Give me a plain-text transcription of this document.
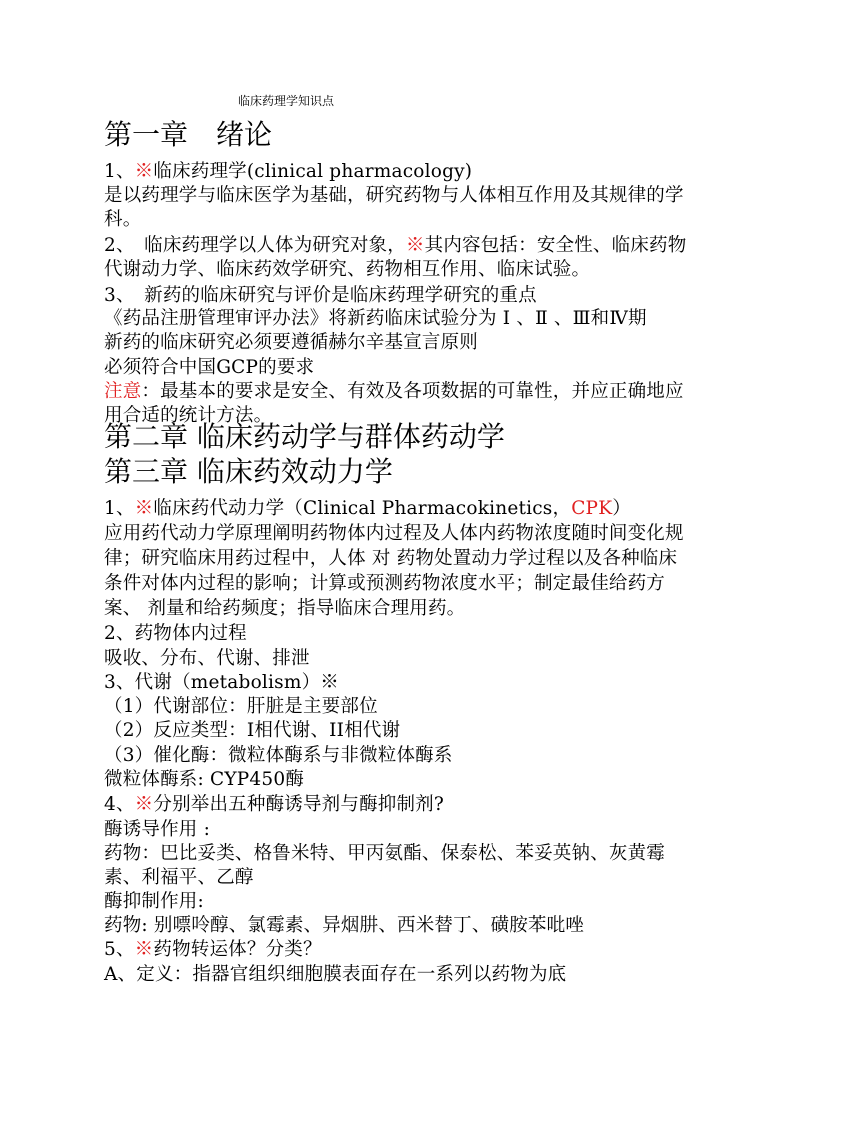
临床药理学知识点
第一章　绪论
1、※临床药理学(clinical pharmacology)
是以药理学与临床医学为基础，研究药物与人体相互作用及其规律的学
科。
2、　临床药理学以人体为研究对象，※其内容包括：安全性、临床药物
代谢动力学、临床药效学研究、药物相互作用、临床试验。
3、　新药的临床研究与评价是临床药理学研究的重点
《药品注册管理审评办法》将新药临床试验分为 Ⅰ 、Ⅱ 、Ⅲ和Ⅳ期
新药的临床研究必须要遵循赫尔辛基宣言原则
必须符合中国GCP的要求
注意：最基本的要求是安全、有效及各项数据的可靠性，并应正确地应
用合适的统计方法。
第二章 临床药动学与群体药动学
第三章 临床药效动力学
1、※临床药代动力学（Clinical Pharmacokinetics，CPK）
应用药代动力学原理阐明药物体内过程及人体内药物浓度随时间变化规
律；研究临床用药过程中，人体 对 药物处置动力学过程以及各种临床
条件对体内过程的影响；计算或预测药物浓度水平；制定最佳给药方
案、 剂量和给药频度；指导临床合理用药。
2、药物体内过程
吸收、分布、代谢、排泄
3、代谢（metabolism）※
（1）代谢部位：肝脏是主要部位
（2）反应类型：I相代谢、II相代谢
（3）催化酶：微粒体酶系与非微粒体酶系
微粒体酶系: CYP450酶
4、※分别举出五种酶诱导剂与酶抑制剂?
酶诱导作用 :
药物：巴比妥类、格鲁米特、甲丙氨酯、保泰松、苯妥英钠、灰黄霉
素、利福平、乙醇
酶抑制作用:
药物: 别嘌呤醇、氯霉素、异烟肼、西米替丁、磺胺苯吡唑
5、※药物转运体？分类？
A、定义：指器官组织细胞膜表面存在一系列以药物为底
